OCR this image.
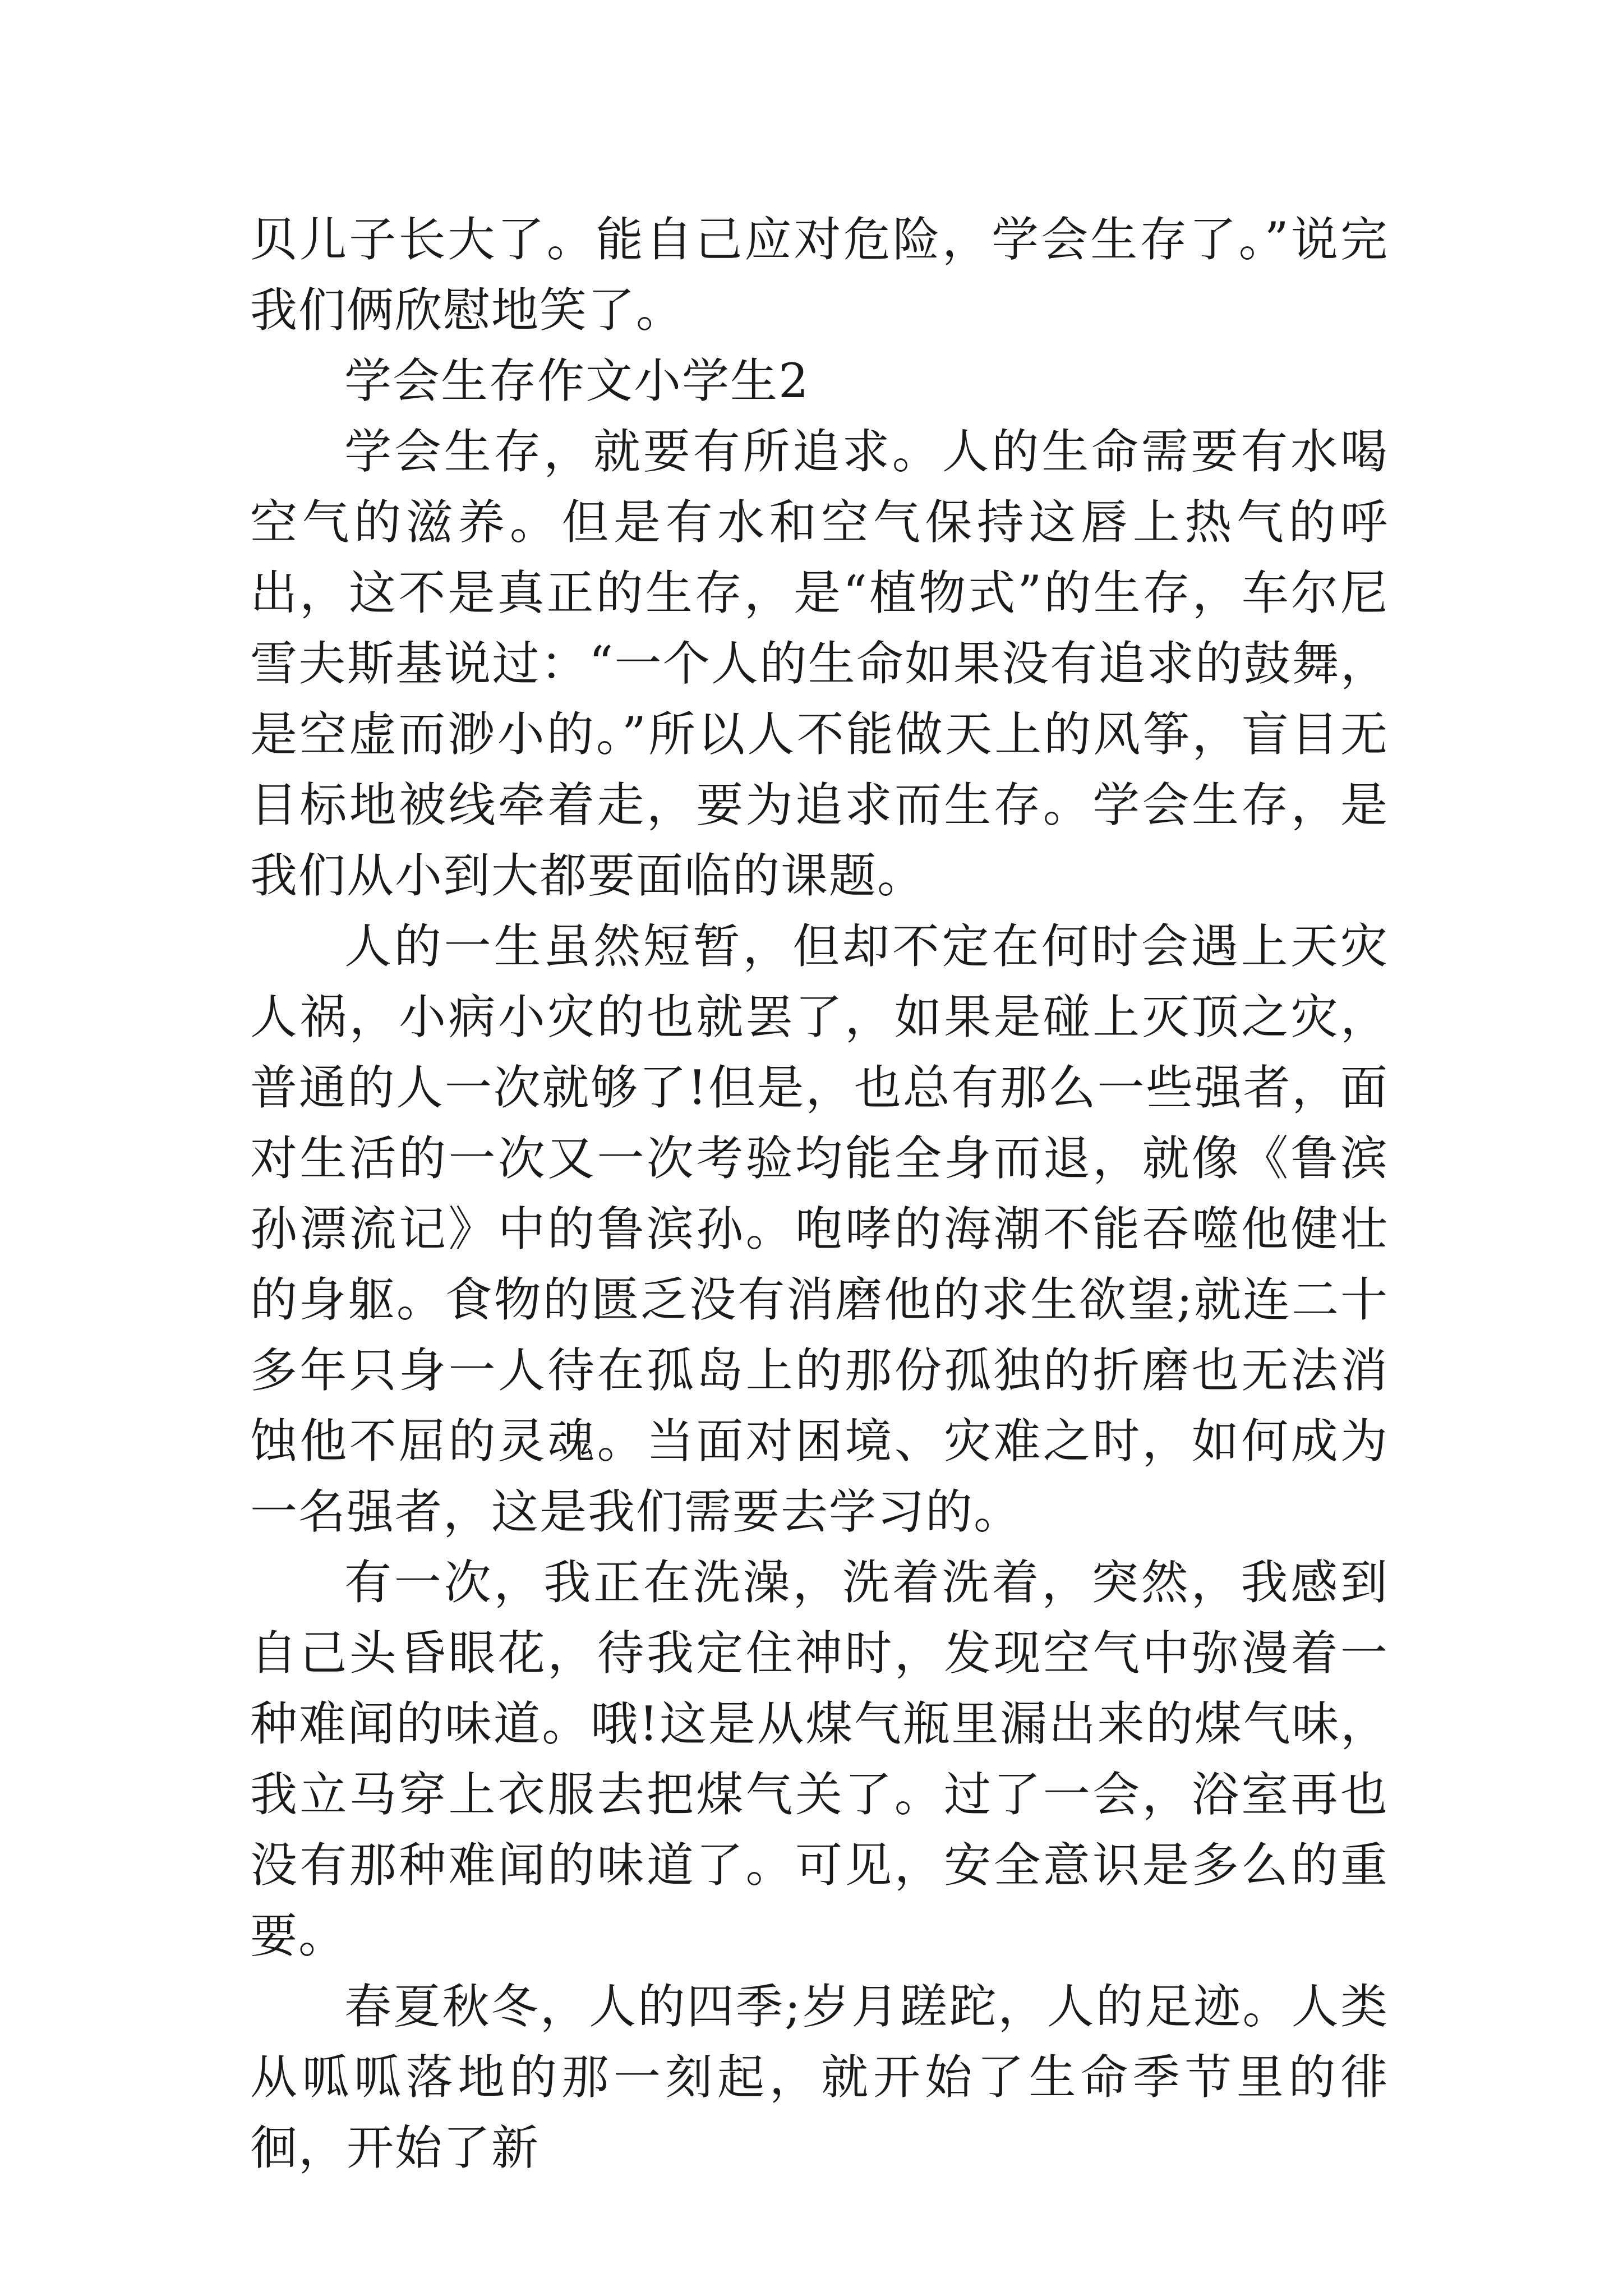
贝儿子长大了。能自己应对危险，学会生存了。”说完我们俩欣慰地笑了。

学会生存作文小学生2

学会生存，就要有所追求。人的生命需要有水喝空气的滋养。但是有水和空气保持这唇上热气的呼出，这不是真正的生存，是“植物式”的生存，车尔尼雪夫斯基说过：“一个人的生命如果没有追求的鼓舞，是空虚而渺小的。”所以人不能做天上的风筝，盲目无目标地被线牵着走，要为追求而生存。学会生存，是我们从小到大都要面临的课题。

人的一生虽然短暂，但却不定在何时会遇上天灾人祸，小病小灾的也就罢了，如果是碰上灭顶之灾，普通的人一次就够了!但是，也总有那么一些强者，面对生活的一次又一次考验均能全身而退，就像《鲁滨孙漂流记》中的鲁滨孙。咆哮的海潮不能吞噬他健壮的身躯。食物的匮乏没有消磨他的求生欲望;就连二十多年只身一人待在孤岛上的那份孤独的折磨也无法消蚀他不屈的灵魂。当面对困境、灾难之时，如何成为一名强者，这是我们需要去学习的。

有一次，我正在洗澡，洗着洗着，突然，我感到自己头昏眼花，待我定住神时，发现空气中弥漫着一种难闻的味道。哦!这是从煤气瓶里漏出来的煤气味，我立马穿上衣服去把煤气关了。过了一会，浴室再也没有那种难闻的味道了。可见，安全意识是多么的重要。

春夏秋冬，人的四季;岁月蹉跎，人的足迹。人类从呱呱落地的那一刻起，就开始了生命季节里的徘徊，开始了新
